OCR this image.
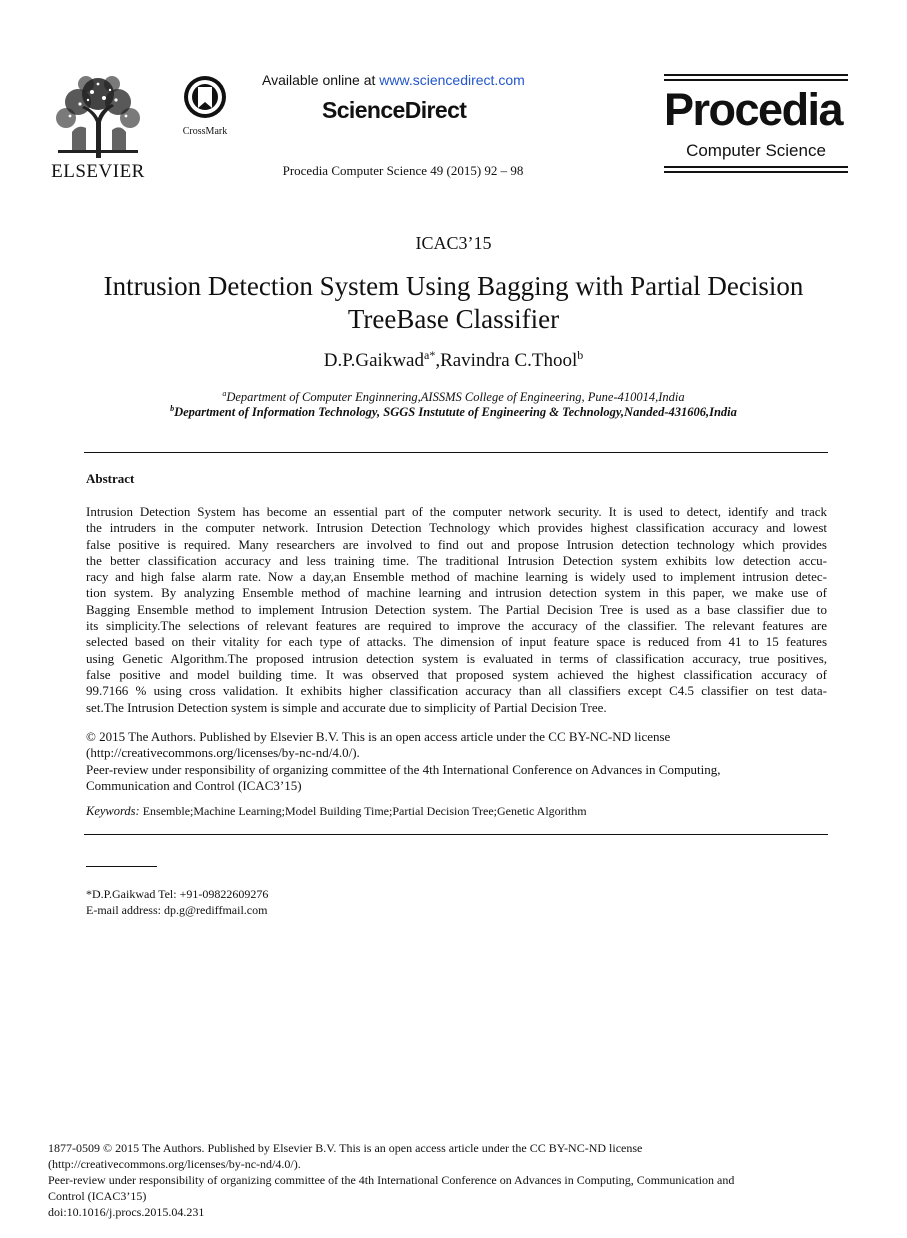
ELSEVIER
CrossMark
Available online at www.sciencedirect.com
ScienceDirect
Procedia Computer Science 49 (2015) 92 – 98
Procedia
Computer Science
ICAC3’15
Intrusion Detection System Using Bagging with Partial Decision
TreeBase Classifier
D.P.Gaikwad$^{a*}$,Ravindra C.Thool$^b$
$^a$Department of Computer Enginnering,AISSMS College of Engineering, Pune-410014,India
$^b$Department of Information Technology, SGGS Instutute of Engineering & Technology,Nanded-431606,India
Abstract
Intrusion Detection System has become an essential part of the computer network security. It is used to detect, identify and track
the intruders in the computer network. Intrusion Detection Technology which provides highest classification accuracy and lowest
false positive is required. Many researchers are involved to find out and propose Intrusion detection technology which provides
the better classification accuracy and less training time. The traditional Intrusion Detection system exhibits low detection accu-
racy and high false alarm rate. Now a day,an Ensemble method of machine learning is widely used to implement intrusion detec-
tion system. By analyzing Ensemble method of machine learning and intrusion detection system in this paper, we make use of
Bagging Ensemble method to implement Intrusion Detection system. The Partial Decision Tree is used as a base classifier due to
its simplicity.The selections of relevant features are required to improve the accuracy of the classifier. The relevant features are
selected based on their vitality for each type of attacks. The dimension of input feature space is reduced from 41 to 15 features
using Genetic Algorithm.The proposed intrusion detection system is evaluated in terms of classification accuracy, true positives,
false positive and model building time. It was observed that proposed system achieved the highest classification accuracy of
99.7166 % using cross validation. It exhibits higher classification accuracy than all classifiers except C4.5 classifier on test data-
set.The Intrusion Detection system is simple and accurate due to simplicity of Partial Decision Tree.
© 2015 The Authors. Published by Elsevier B.V. This is an open access article under the CC BY-NC-ND license
(http://creativecommons.org/licenses/by-nc-nd/4.0/).
Peer-review under responsibility of organizing committee of the 4th International Conference on Advances in Computing,
Communication and Control (ICAC3’15)
Keywords: Ensemble;Machine Learning;Model Building Time;Partial Decision Tree;Genetic Algorithm
*D.P.Gaikwad Tel: +91-09822609276
E-mail address: dp.g@rediffmail.com
1877-0509 © 2015 The Authors. Published by Elsevier B.V. This is an open access article under the CC BY-NC-ND license
(http://creativecommons.org/licenses/by-nc-nd/4.0/).
Peer-review under responsibility of organizing committee of the 4th International Conference on Advances in Computing, Communication and
Control (ICAC3’15)
doi:10.1016/j.procs.2015.04.231
